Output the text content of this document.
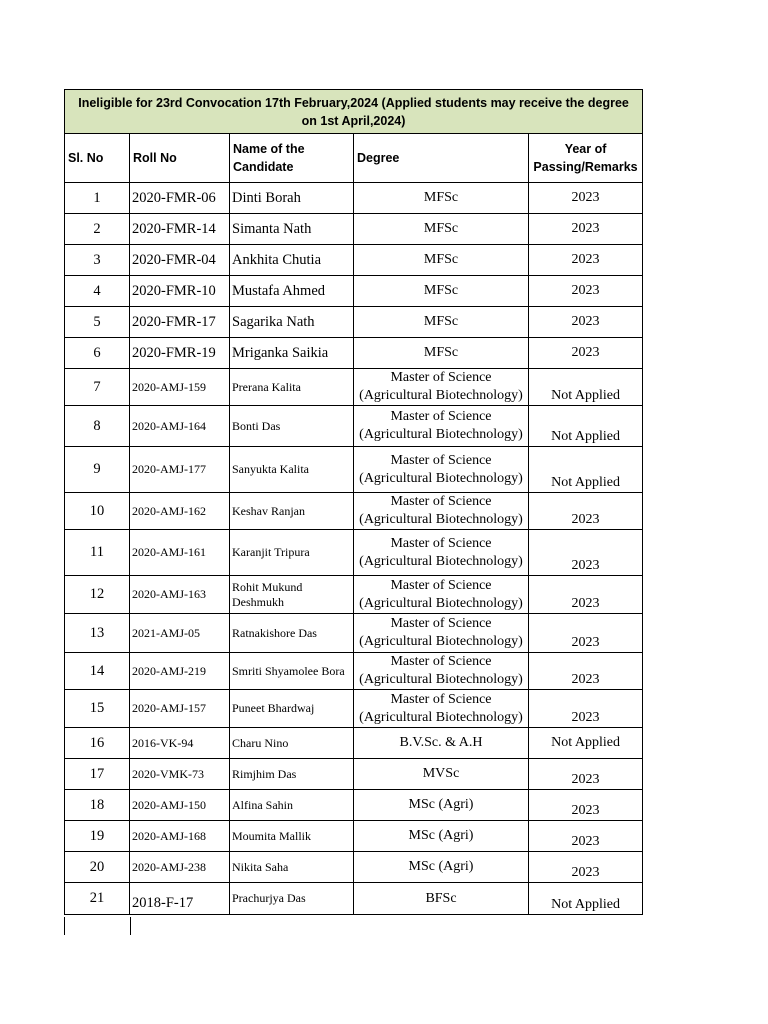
Ineligible for 23rd Convocation 17th February,2024 (Applied students may receive the degree on 1st April,2024)				
Sl. No	Roll No	Name of the Candidate	Degree	Year of Passing/Remarks
1	2020-FMR-06	Dinti Borah	MFSc	2023
2	2020-FMR-14	Simanta Nath	MFSc	2023
3	2020-FMR-04	Ankhita Chutia	MFSc	2023
4	2020-FMR-10	Mustafa Ahmed	MFSc	2023
5	2020-FMR-17	Sagarika Nath	MFSc	2023
6	2020-FMR-19	Mriganka Saikia	MFSc	2023
7	2020-AMJ-159	Prerana Kalita	Master of Science (Agricultural Biotechnology)	Not Applied
8	2020-AMJ-164	Bonti Das	Master of Science (Agricultural Biotechnology)	Not Applied
9	2020-AMJ-177	Sanyukta Kalita	Master of Science (Agricultural Biotechnology)	Not Applied
10	2020-AMJ-162	Keshav Ranjan	Master of Science (Agricultural Biotechnology)	2023
11	2020-AMJ-161	Karanjit Tripura	Master of Science (Agricultural Biotechnology)	2023
12	2020-AMJ-163	Rohit Mukund Deshmukh	Master of Science (Agricultural Biotechnology)	2023
13	2021-AMJ-05	Ratnakishore Das	Master of Science (Agricultural Biotechnology)	2023
14	2020-AMJ-219	Smriti Shyamolee Bora	Master of Science (Agricultural Biotechnology)	2023
15	2020-AMJ-157	Puneet Bhardwaj	Master of Science (Agricultural Biotechnology)	2023
16	2016-VK-94	Charu Nino	B.V.Sc. & A.H	Not Applied
17	2020-VMK-73	Rimjhim Das	MVSc	2023
18	2020-AMJ-150	Alfina Sahin	MSc (Agri)	2023
19	2020-AMJ-168	Moumita Mallik	MSc (Agri)	2023
20	2020-AMJ-238	Nikita Saha	MSc (Agri)	2023
21	2018-F-17	Prachurjya Das	BFSc	Not Applied
